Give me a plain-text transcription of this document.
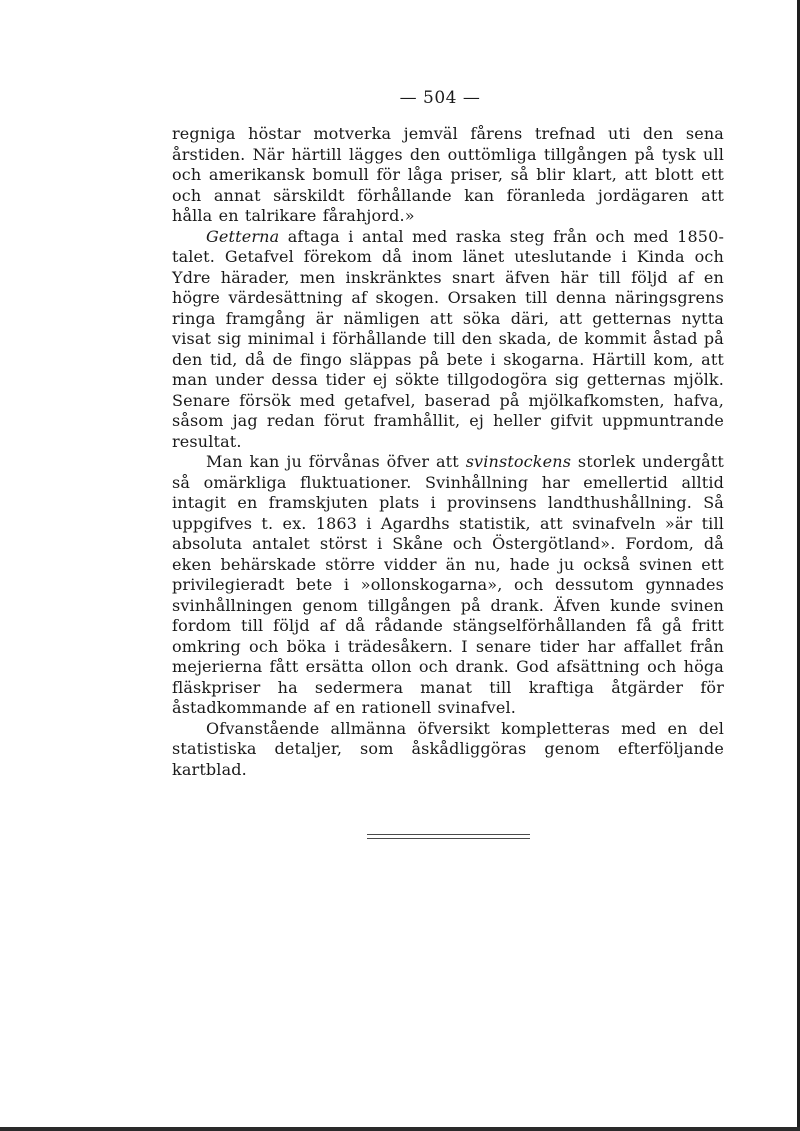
— 504 —

regniga höstar motverka jemväl fårens trefnad uti den sena årstiden. När härtill lägges den outtömliga tillgången på tysk ull och amerikansk bomull för låga priser, så blir klart, att blott ett och annat särskildt förhållande kan föranleda jordägaren att hålla en talrikare fårahjord.»

Getterna aftaga i antal med raska steg från och med 1850-talet. Getafvel förekom då inom länet uteslutande i Kinda och Ydre härader, men inskränktes snart äfven här till följd af en högre värdesättning af skogen. Orsaken till denna näringsgrens ringa framgång är nämligen att söka däri, att getternas nytta visat sig minimal i förhållande till den skada, de kommit åstad på den tid, då de fingo släppas på bete i skogarna. Härtill kom, att man under dessa tider ej sökte tillgodogöra sig getternas mjölk. Senare försök med getafvel, baserad på mjölkafkomsten, hafva, såsom jag redan förut framhållit, ej heller gifvit uppmuntrande resultat.

Man kan ju förvånas öfver att svinstockens storlek undergått så omärkliga fluktuationer. Svinhållning har emellertid alltid intagit en framskjuten plats i provinsens landthushållning. Så uppgifves t. ex. 1863 i Agardhs statistik, att svinafveln »är till absoluta antalet störst i Skåne och Östergötland». Fordom, då eken behärskade större vidder än nu, hade ju också svinen ett privilegieradt bete i »ollonskogarna», och dessutom gynnades svinhållningen genom tillgången på drank. Äfven kunde svinen fordom till följd af då rådande stängselförhållanden få gå fritt omkring och böka i trädesåkern. I senare tider har affallet från mejerierna fått ersätta ollon och drank. God afsättning och höga fläskpriser ha sedermera manat till kraftiga åtgärder för åstadkommande af en rationell svinafvel.

Ofvanstående allmänna öfversikt kompletteras med en del statistiska detaljer, som åskådliggöras genom efterföljande kartblad.
